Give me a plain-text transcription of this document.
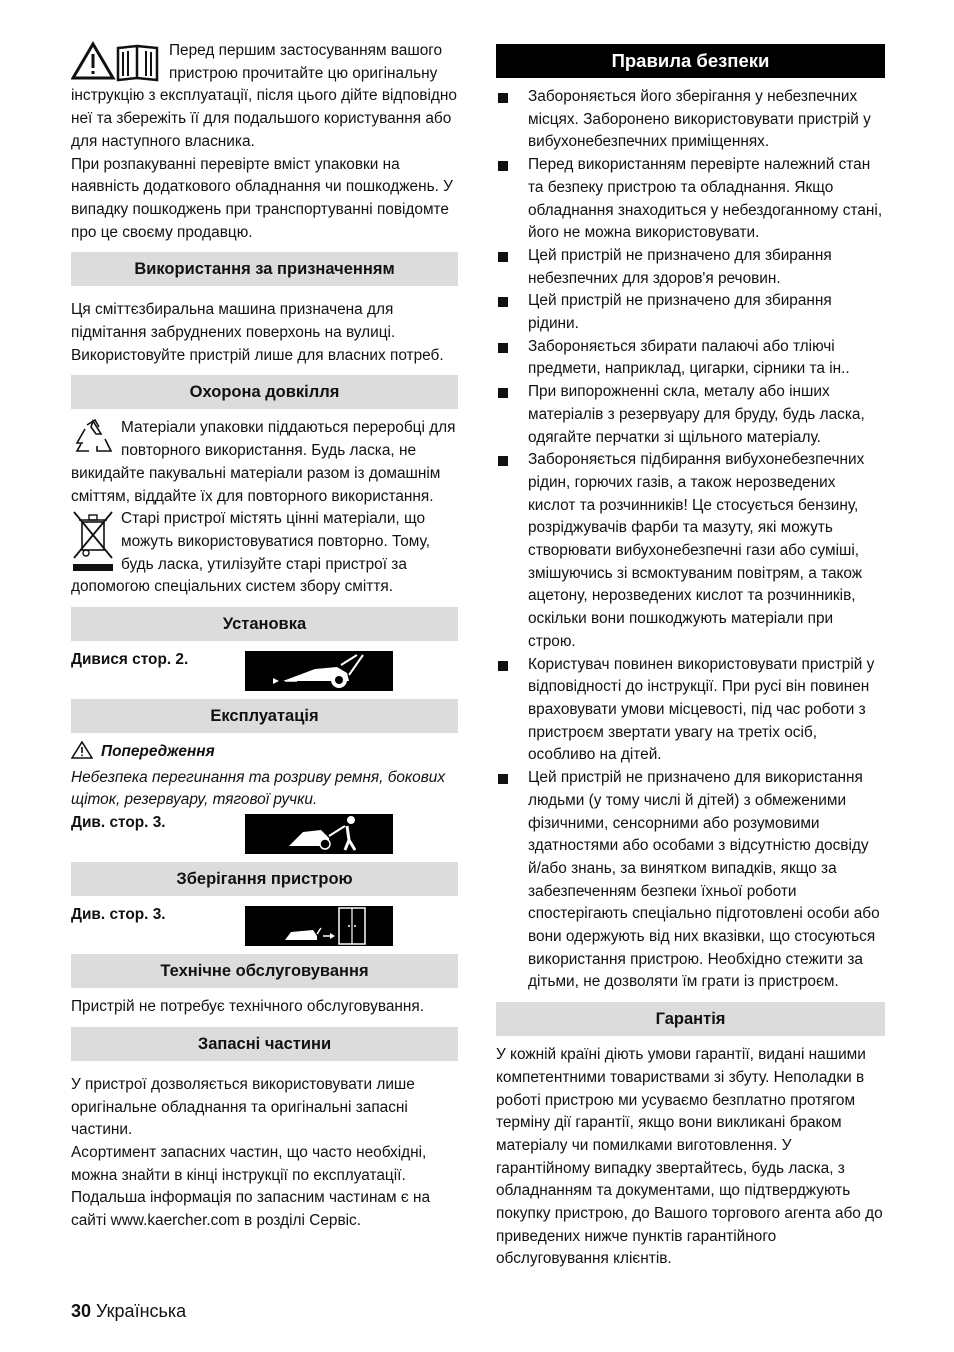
Перед першим застосуванням вашого пристрою прочитайте цю оригінальну інструкцію з експлуатації, після цього дійте відповідно неї та збережіть її для подальшого користування або для наступного власника.

При розпакуванні перевірте вміст упаковки на наявність додаткового обладнання чи пошкоджень. У випадку пошкоджень при транспортуванні повідомте про це своєму продавцю.

Використання за призначенням

Ця сміттєзбиральна машина призначена для підмітання забруднених поверхонь на вулиці. Використовуйте пристрій лише для власних потреб.

Охорона довкілля

Матеріали упаковки піддаються переробці для повторного використання. Будь ласка, не викидайте пакувальні матеріали разом із домашнім сміттям, віддайте їх для повторного використання.

Старі пристрої містять цінні матеріали, що можуть використовуватися повторно. Тому, будь ласка, утилізуйте старі пристрої за допомогою спеціальних систем збору сміття.

Установка
Дивися стор. 2.
Експлуатація
Попередження

Небезпека перегинання та розриву ремня, бокових щіток, резервуару, тягової ручки.

Див. стор. 3.
Зберігання пристрою
Див. стор. 3.
Технічне обслуговування

Пристрій не потребує технічного обслуговування.

Запасні частини

У пристрої дозволяється використовувати лише оригінальне обладнання та оригінальні запасні частини.

Асортимент запасних частин, що часто необхідні, можна знайти в кінці інструкції по експлуатації.

Подальша інформація по запасним частинам є на сайті www.kaercher.com в розділі Сервіс.

Правила безпеки
Забороняється його зберігання у небезпечних місцях. Заборонено використовувати пристрій у вибухонебезпечних приміщеннях.
Перед використанням перевірте належний стан та безпеку пристрою та обладнання. Якщо обладнання знаходиться у небездоганному стані, його не можна використовувати.
Цей пристрій не призначено для збирання небезпечних для здоров'я речовин.
Цей пристрій не призначено для збирання рідини.
Забороняється збирати палаючі або тліючі предмети, наприклад, цигарки, сірники та ін..
При випорожненні скла, металу або інших матеріалів з резервуару для бруду, будь ласка, одягайте перчатки зі щільного матеріалу.
Забороняється підбирання вибухонебезпечних рідин, горючих газів, а також нерозведених кислот та розчинників! Це стосується бензину, розріджувачів фарби та мазуту, які можуть створювати вибухонебезпечні гази або суміші, змішуючись зі всмоктуваним повітрям, а також ацетону, нерозведених кислот та розчинників, оскільки вони пошкоджують матеріали при строю.
Користувач повинен використовувати пристрій у відповідності до інструкції. При русі він повинен враховувати умови місцевості, під час роботи з пристроєм звертати увагу на третіх осіб, особливо на дітей.
Цей пристрій не призначено для використання людьми (у тому числі й дітей) з обмеженими фізичними, сенсорними або розумовими здатностями або особами з відсутністю досвіду й/або знань, за винятком випадків, якщо за забезпеченням безпеки їхньої роботи спостерігають спеціально підготовлені особи або вони одержують від них вказівки, що стосуються використання пристрою. Необхідно стежити за дітьми, не дозволяти їм грати із пристроєм.
Гарантія

У кожній країні діють умови гарантії, видані нашими компетентними товариствами зі збуту. Неполадки в роботі пристрою ми усуваємо безплатно протягом терміну дії гарантії, якщо вони викликані браком матеріалу чи помилками виготовлення. У гарантійному випадку звертайтесь, будь ласка, з обладнанням та документами, що підтверджують покупку пристрою, до Вашого торгового агента або до приведених нижче пунктів гарантійного обслуговування клієнтів.

30 Українська
